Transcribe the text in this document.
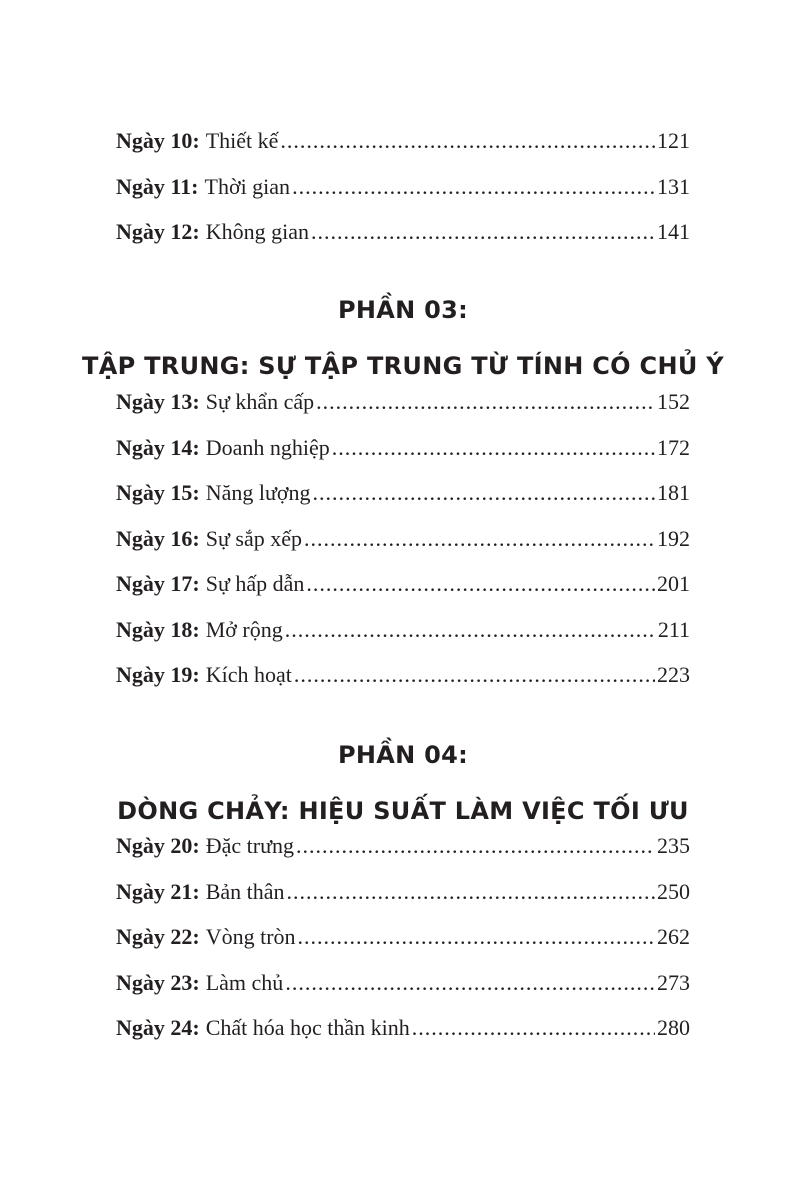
Ngày 10: Thiết kế .....	121
Ngày 11: Thời gian .....	131
Ngày 12: Không gian .....	141
PHẦN 03:
TẬP TRUNG: SỰ TẬP TRUNG TỪ TÍNH CÓ CHỦ Ý
Ngày 13: Sự khẩn cấp .....	152
Ngày 14: Doanh nghiệp .....	172
Ngày 15: Năng lượng .....	181
Ngày 16: Sự sắp xếp .....	192
Ngày 17: Sự hấp dẫn .....	201
Ngày 18: Mở rộng .....	211
Ngày 19: Kích hoạt .....	223
PHẦN 04:
DÒNG CHẢY: HIỆU SUẤT LÀM VIỆC TỐI ƯU
Ngày 20: Đặc trưng .....	235
Ngày 21: Bản thân .....	250
Ngày 22: Vòng tròn .....	262
Ngày 23: Làm chủ .....	273
Ngày 24: Chất hóa học thần kinh .....	280
